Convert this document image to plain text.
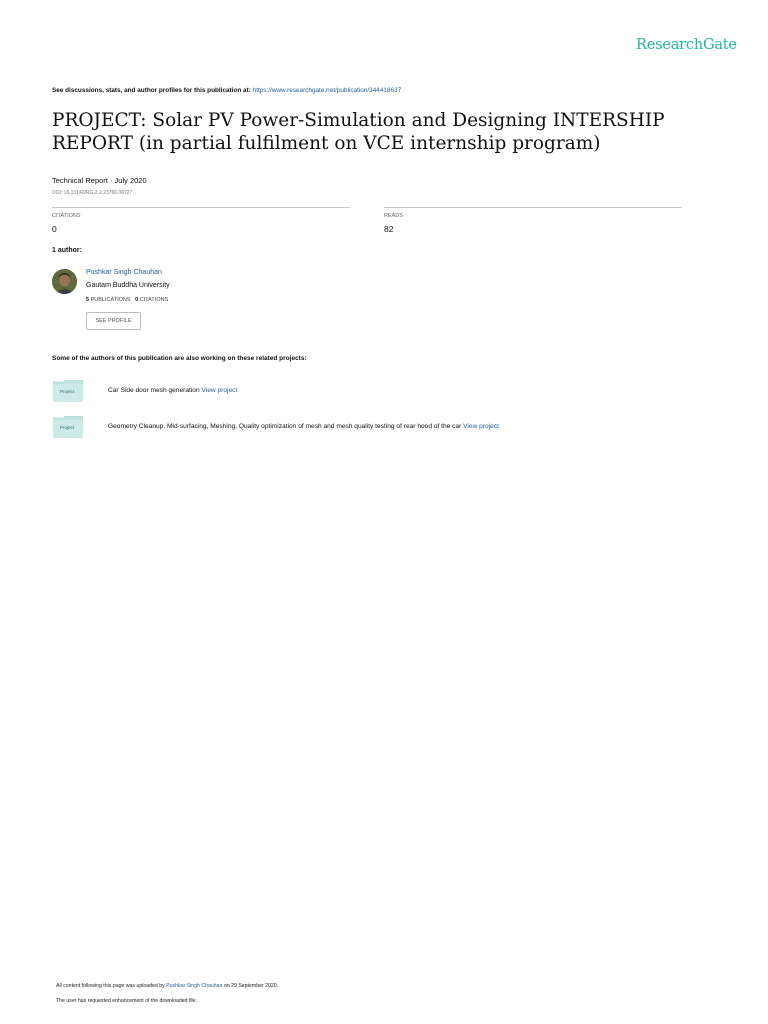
ResearchGate
See discussions, stats, and author profiles for this publication at: https://www.researchgate.net/publication/344418637
PROJECT: Solar PV Power-Simulation and Designing INTERSHIP REPORT (in partial fulfilment on VCE internship program)
Technical Report · July 2020
DOI: 10.13140/RG.2.2.23766.06727
CITATIONS
0
READS
82
1 author:
Pushkar Singh Chauhan
Gautam Buddha University
5 PUBLICATIONS 0 CITATIONS
SEE PROFILE
Some of the authors of this publication are also working on these related projects:
Project	Car Side door mesh generation View project
Project	Geometry Cleanup, Mid-surfacing, Meshing, Quality optimization of mesh and mesh quality testing of rear hood of the car View project
All content following this page was uploaded by Pushkar Singh Chauhan on 29 September 2020.
The user has requested enhancement of the downloaded file.
